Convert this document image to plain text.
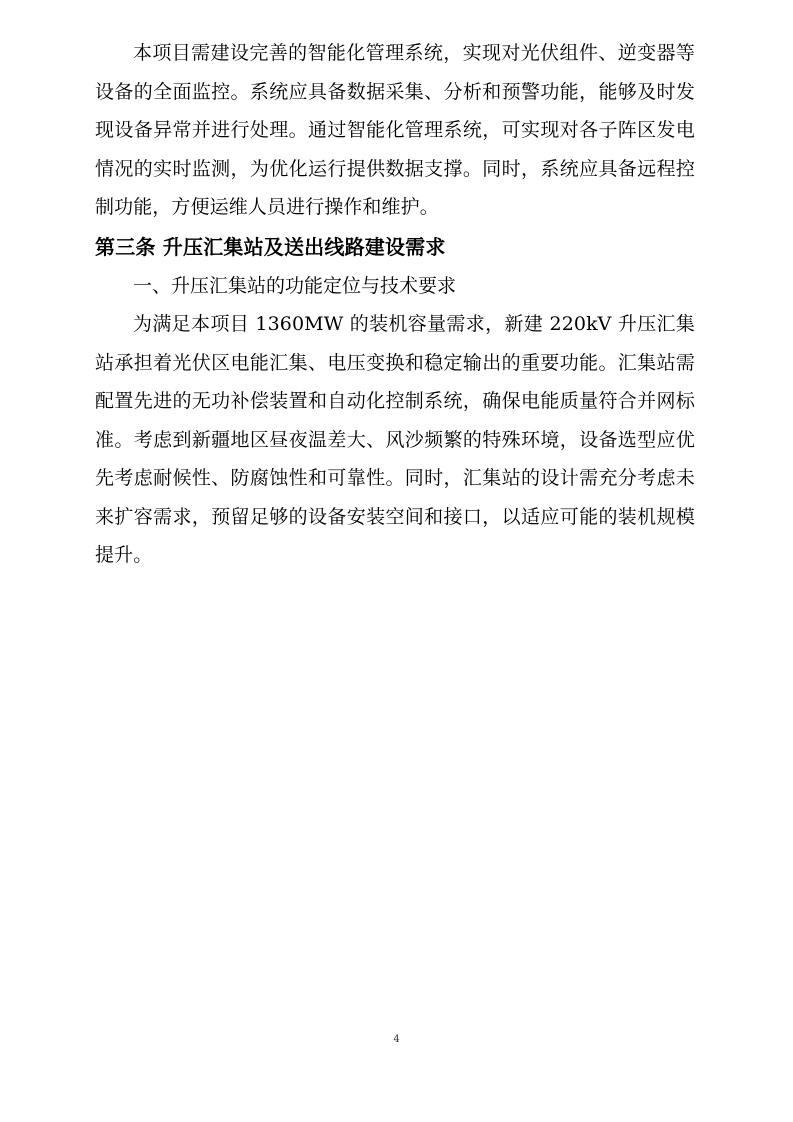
本项目需建设完善的智能化管理系统，实现对光伏组件、逆变器等设备的全面监控。系统应具备数据采集、分析和预警功能，能够及时发现设备异常并进行处理。通过智能化管理系统，可实现对各子阵区发电情况的实时监测，为优化运行提供数据支撑。同时，系统应具备远程控制功能，方便运维人员进行操作和维护。

第三条 升压汇集站及送出线路建设需求

一、升压汇集站的功能定位与技术要求

为满足本项目 1360MW 的装机容量需求，新建 220kV 升压汇集站承担着光伏区电能汇集、电压变换和稳定输出的重要功能。汇集站需配置先进的无功补偿装置和自动化控制系统，确保电能质量符合并网标准。考虑到新疆地区昼夜温差大、风沙频繁的特殊环境，设备选型应优先考虑耐候性、防腐蚀性和可靠性。同时，汇集站的设计需充分考虑未来扩容需求，预留足够的设备安装空间和接口，以适应可能的装机规模提升。

4
